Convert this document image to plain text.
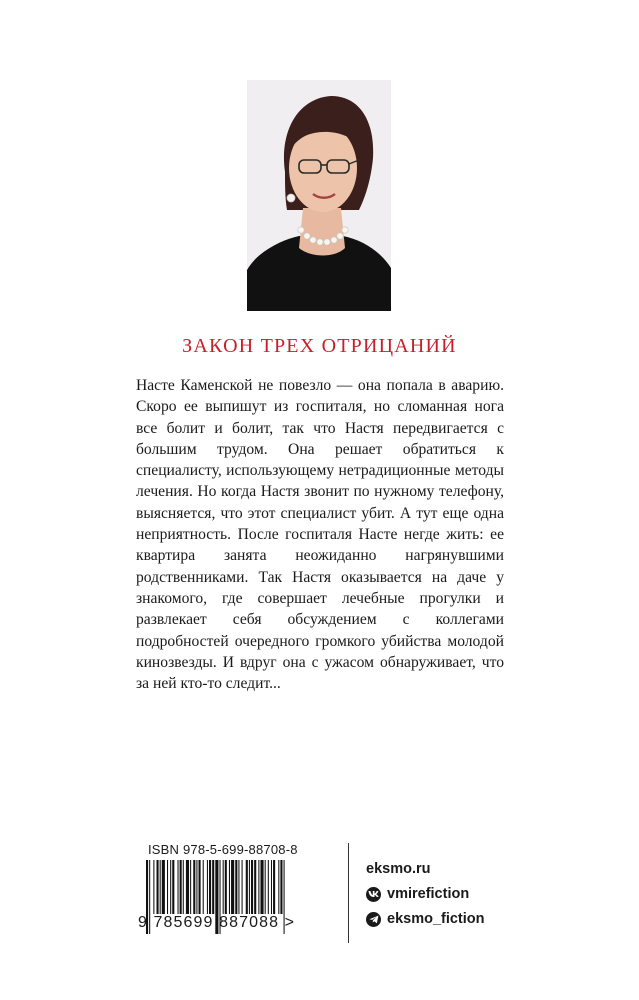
ЗАКОН ТРЕХ ОТРИЦАНИЙ

Насте Каменской не повезло — она попала в аварию. Скоро ее выпишут из госпиталя, но сломанная нога все болит и болит, так что Настя передвигается с большим трудом. Она решает обратиться к специалисту, использующему нетрадиционные методы лечения. Но когда Настя звонит по нужному телефону, выясняется, что этот специалист убит. А тут еще одна неприятность. После госпиталя Насте негде жить: ее квартира занята неожиданно нагрянувшими родственниками. Так Настя оказывается на даче у знакомого, где совершает лечебные прогулки и развлекает себя обсуждением с коллегами подробностей очередного громкого убийства молодой кинозвезды. И вдруг она с ужасом обнаруживает, что за ней кто-то следит...

ISBN 978-5-699-88708-8
9 785699 887088 >
eksmo.ru
vmirefiction
eksmo_fiction
